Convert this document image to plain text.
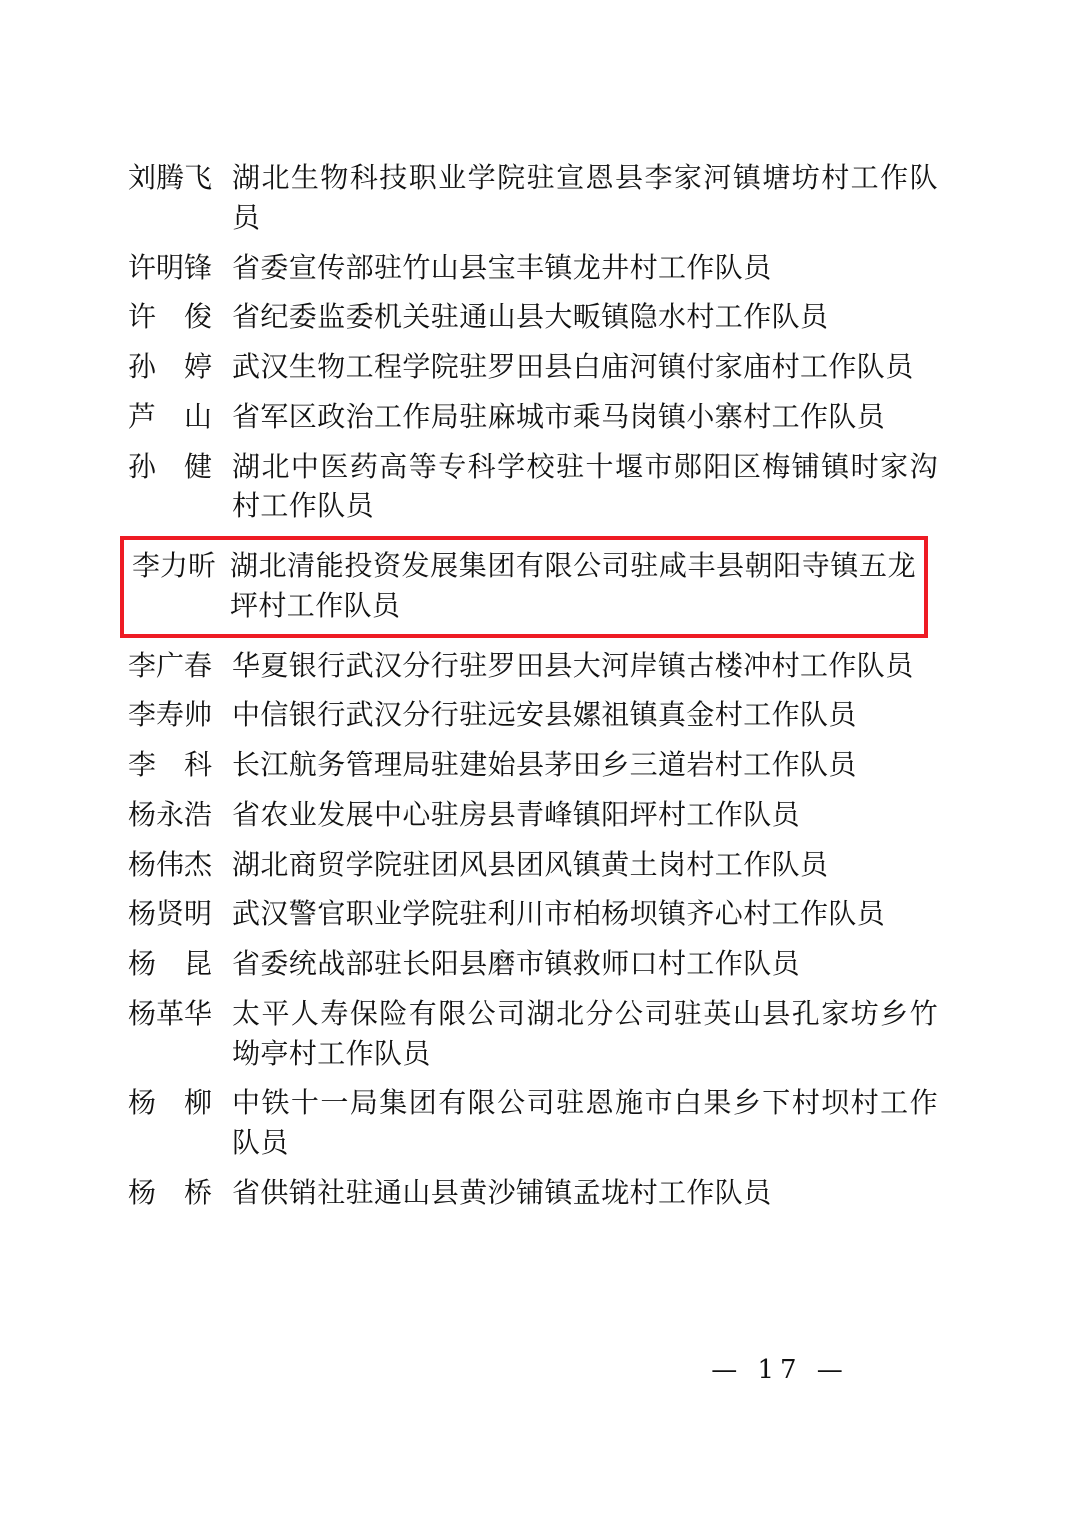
刘腾飞 湖北生物科技职业学院驻宣恩县李家河镇塘坊村工作队员
许明锋 省委宣传部驻竹山县宝丰镇龙井村工作队员
许　俊 省纪委监委机关驻通山县大畈镇隐水村工作队员
孙　婷 武汉生物工程学院驻罗田县白庙河镇付家庙村工作队员
芦　山 省军区政治工作局驻麻城市乘马岗镇小寨村工作队员
孙　健 湖北中医药高等专科学校驻十堰市郧阳区梅铺镇时家沟村工作队员
李力昕 湖北清能投资发展集团有限公司驻咸丰县朝阳寺镇五龙坪村工作队员
李广春 华夏银行武汉分行驻罗田县大河岸镇古楼冲村工作队员
李寿帅 中信银行武汉分行驻远安县嫘祖镇真金村工作队员
李　科 长江航务管理局驻建始县茅田乡三道岩村工作队员
杨永浩 省农业发展中心驻房县青峰镇阳坪村工作队员
杨伟杰 湖北商贸学院驻团风县团风镇黄土岗村工作队员
杨贤明 武汉警官职业学院驻利川市柏杨坝镇齐心村工作队员
杨　昆 省委统战部驻长阳县磨市镇救师口村工作队员
杨革华 太平人寿保险有限公司湖北分公司驻英山县孔家坊乡竹坳亭村工作队员
杨　柳 中铁十一局集团有限公司驻恩施市白果乡下村坝村工作队员
杨　桥 省供销社驻通山县黄沙铺镇孟垅村工作队员
— 17 —
